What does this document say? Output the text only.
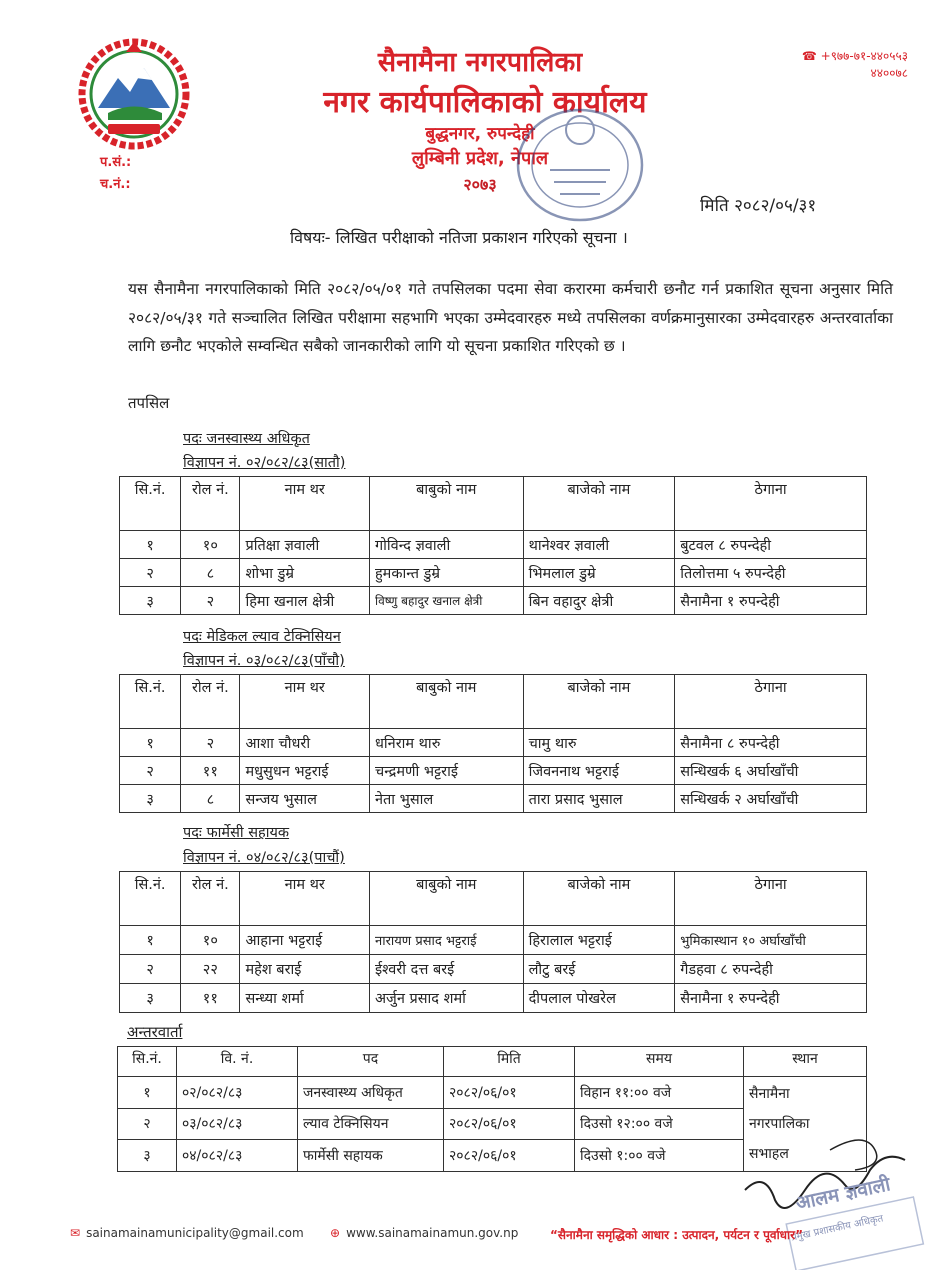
सैनामैना नगरपालिका
नगर कार्यपालिकाको कार्यालय
बुद्धनगर, रुपन्देही
लुम्बिनी प्रदेश, नेपाल
२०७३
☎ +९७७-७१-४४०५५३
४४००७८
प.सं.:
च.नं.:
मिति २०८२/०५/३१
विषयः- लिखित परीक्षाको नतिजा प्रकाशन गरिएको सूचना ।
यस सैनामैना नगरपालिकाको मिति २०८२/०५/०१ गते तपसिलका पदमा सेवा करारमा कर्मचारी छनौट गर्न प्रकाशित सूचना अनुसार मिति २०८२/०५/३१ गते सञ्चालित लिखित परीक्षामा सहभागि भएका उम्मेदवारहरु मध्ये तपसिलका वर्णक्रमानुसारका उम्मेदवारहरु अन्तरवार्ताका लागि छनौट भएकोले सम्वन्धित सबैको जानकारीको लागि यो सूचना प्रकाशित गरिएको छ ।
तपसिल
पदः जनस्वास्थ्य अधिकृत
विज्ञापन नं. ०२/०८२/८३(सातौ)
सि.नं.	रोल नं.	नाम थर	बाबुको नाम	बाजेको नाम	ठेगाना
१	१०	प्रतिक्षा ज्ञवाली	गोविन्द ज्ञवाली	थानेश्वर ज्ञवाली	बुटवल ८ रुपन्देही
२	८	शोभा डुम्रे	हुमकान्त डुम्रे	भिमलाल डुम्रे	तिलोत्तमा ५ रुपन्देही
३	२	हिमा खनाल क्षेत्री	विष्णु बहादुर खनाल क्षेत्री	बिन वहादुर क्षेत्री	सैनामैना १ रुपन्देही
पदः मेडिकल ल्याव टेक्निसियन
विज्ञापन नं. ०३/०८२/८३(पाँचौ)
सि.नं.	रोल नं.	नाम थर	बाबुको नाम	बाजेको नाम	ठेगाना
१	२	आशा चौधरी	धनिराम थारु	चामु थारु	सैनामैना ८ रुपन्देही
२	११	मधुसुधन भट्टराई	चन्द्रमणी भट्टराई	जिवननाथ भट्टराई	सन्धिखर्क ६ अर्घाखाँची
३	८	सन्जय भुसाल	नेता भुसाल	तारा प्रसाद भुसाल	सन्धिखर्क २ अर्घाखाँची
पदः फार्मेसी सहायक
विज्ञापन नं. ०४/०८२/८३(पाचौं)
सि.नं.	रोल नं.	नाम थर	बाबुको नाम	बाजेको नाम	ठेगाना
१	१०	आहाना भट्टराई	नारायण प्रसाद भट्टराई	हिरालाल भट्टराई	भुमिकास्थान १० अर्घाखाँची
२	२२	महेश बराई	ईश्वरी दत्त बरई	लौटु बरई	गैडहवा ८ रुपन्देही
३	११	सन्ध्या शर्मा	अर्जुन प्रसाद शर्मा	दीपलाल पोखरेल	सैनामैना १ रुपन्देही
अन्तरवार्ता
सि.नं.	वि. नं.	पद	मिति	समय	स्थान
१	०२/०८२/८३	जनस्वास्थ्य अधिकृत	२०८२/०६/०१	विहान ११:०० वजे	सैनामैना
नगरपालिका
सभाहल

२	०३/०८२/८३	ल्याव टेक्निसियन	२०८२/०६/०१	दिउसो १२:०० वजे	
३	०४/०८२/८३	फार्मेसी सहायक	२०८२/०६/०१	दिउसो १:०० वजे	
आलम ज्ञवाली
प्रमुख प्रशासकीय अधिकृत
✉ sainamainamunicipality@gmail.com ⊕ www.sainamainamun.gov.np	“सैनामैना समृद्धिको आधार : उत्पादन, पर्यटन र पूर्वाधार”
